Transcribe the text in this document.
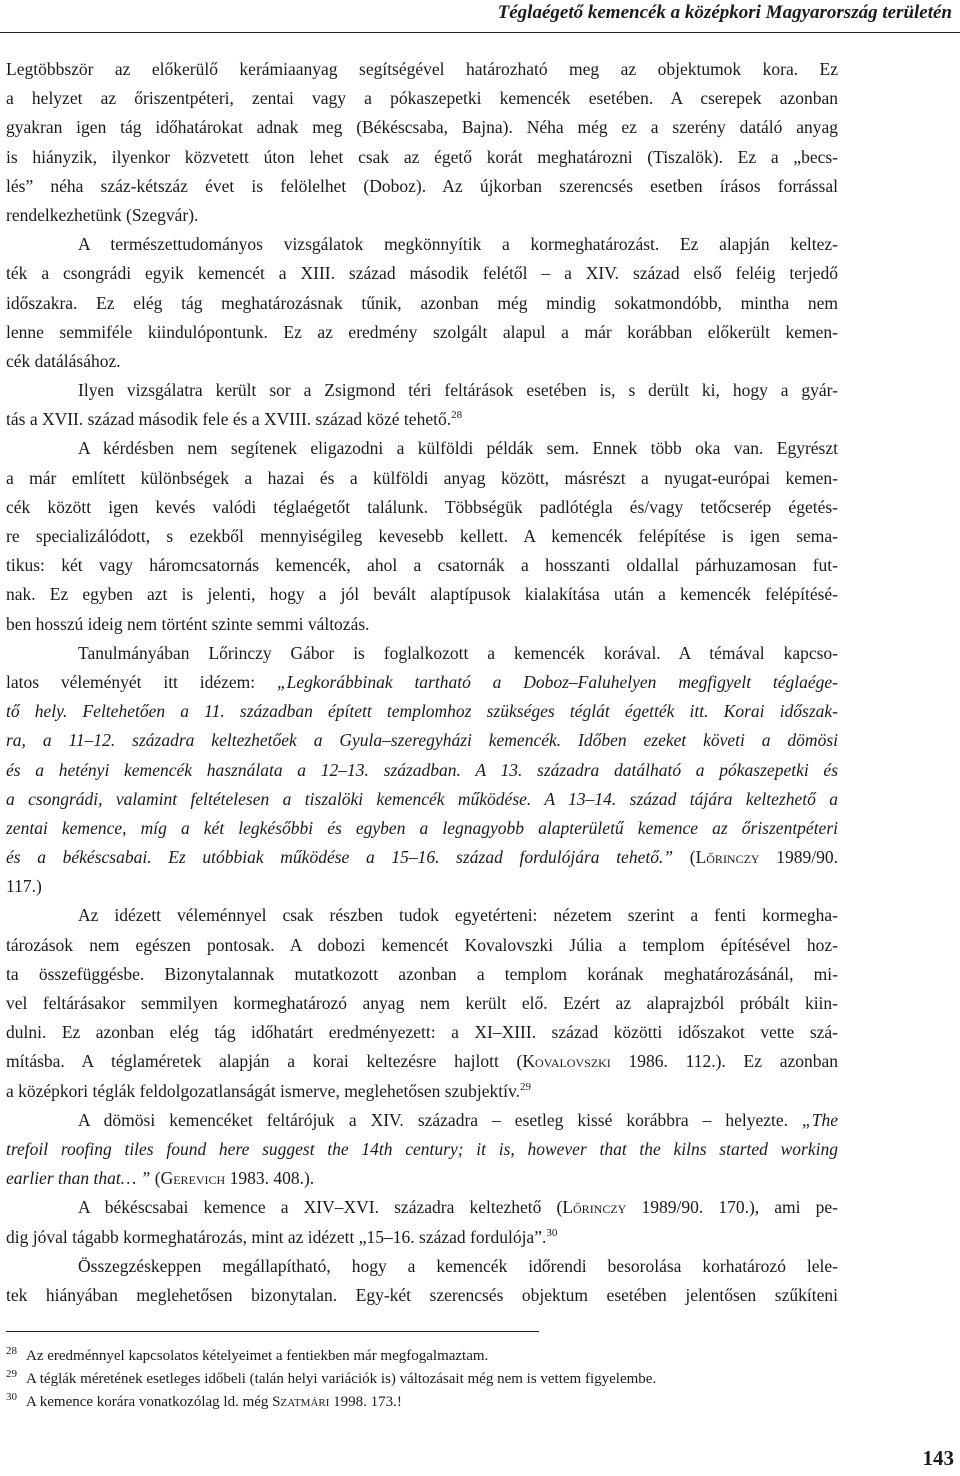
Téglaégető kemencék a középkori Magyarország területén
Legtöbbször az előkerülő kerámiaanyag segítségével határozható meg az objektumok kora. Ez
a helyzet az őriszentpéteri, zentai vagy a pókaszepetki kemencék esetében. A cserepek azonban
gyakran igen tág időhatárokat adnak meg (Békéscsaba, Bajna). Néha még ez a szerény datáló anyag
is hiányzik, ilyenkor közvetett úton lehet csak az égető korát meghatározni (Tiszalök). Ez a „becs-
lés” néha száz-kétszáz évet is felölelhet (Doboz). Az újkorban szerencsés esetben írásos forrással
rendelkezhetünk (Szegvár).
A természettudományos vizsgálatok megkönnyítik a kormeghatározást. Ez alapján keltez-
ték a csongrádi egyik kemencét a XIII. század második felétől – a XIV. század első feléig terjedő
időszakra. Ez elég tág meghatározásnak tűnik, azonban még mindig sokatmondóbb, mintha nem
lenne semmiféle kiindulópontunk. Ez az eredmény szolgált alapul a már korábban előkerült kemen-
cék datálásához.
Ilyen vizsgálatra került sor a Zsigmond téri feltárások esetében is, s derült ki, hogy a gyár-
tás a XVII. század második fele és a XVIII. század közé tehető.$^{28}$
A kérdésben nem segítenek eligazodni a külföldi példák sem. Ennek több oka van. Egyrészt
a már említett különbségek a hazai és a külföldi anyag között, másrészt a nyugat-európai kemen-
cék között igen kevés valódi téglaégetőt találunk. Többségük padlótégla és/vagy tetőcserép égetés-
re specializálódott, s ezekből mennyiségileg kevesebb kellett. A kemencék felépítése is igen sema-
tikus: két vagy háromcsatornás kemencék, ahol a csatornák a hosszanti oldallal párhuzamosan fut-
nak. Ez egyben azt is jelenti, hogy a jól bevált alaptípusok kialakítása után a kemencék felépítésé-
ben hosszú ideig nem történt szinte semmi változás.
Tanulmányában Lőrinczy Gábor is foglalkozott a kemencék korával. A témával kapcso-
latos véleményét itt idézem: „Legkorábbinak tartható a Doboz–Faluhelyen megfigyelt téglaége-
tő hely. Feltehetően a 11. században épített templomhoz szükséges téglát égették itt. Korai időszak-
ra, a 11–12. századra keltezhetőek a Gyula–szeregyházi kemencék. Időben ezeket követi a dömösi
és a hetényi kemencék használata a 12–13. században. A 13. századra datálható a pókaszepetki és
a csongrádi, valamint feltételesen a tiszalöki kemencék működése. A 13–14. század tájára keltezhető a
zentai kemence, míg a két legkésőbbi és egyben a legnagyobb alapterületű kemence az őriszentpéteri
és a békéscsabai. Ez utóbbiak működése a 15–16. század fordulójára tehető.” (Lőrinczy 1989/90.
117.)
Az idézett véleménnyel csak részben tudok egyetérteni: nézetem szerint a fenti kormegha-
tározások nem egészen pontosak. A dobozi kemencét Kovalovszki Júlia a templom építésével hoz-
ta összefüggésbe. Bizonytalannak mutatkozott azonban a templom korának meghatározásánál, mi-
vel feltárásakor semmilyen kormeghatározó anyag nem került elő. Ezért az alaprajzból próbált kiin-
dulni. Ez azonban elég tág időhatárt eredményezett: a XI–XIII. század közötti időszakot vette szá-
mításba. A téglaméretek alapján a korai keltezésre hajlott (Kovalovszki 1986. 112.). Ez azonban
a középkori téglák feldolgozatlanságát ismerve, meglehetősen szubjektív.$^{29}$
A dömösi kemencéket feltárójuk a XIV. századra – esetleg kissé korábbra – helyezte. „The
trefoil roofing tiles found here suggest the 14th century; it is, however that the kilns started working
earlier than that… ” (Gerevich 1983. 408.).
A békéscsabai kemence a XIV–XVI. századra keltezhető (Lőrinczy 1989/90. 170.), ami pe-
dig jóval tágabb kormeghatározás, mint az idézett „15–16. század fordulója”.$^{30}$
Összegzéskeppen megállapítható, hogy a kemencék időrendi besorolása korhatározó lele-
tek hiányában meglehetősen bizonytalan. Egy-két szerencsés objektum esetében jelentősen szűkíteni
28 Az eredménnyel kapcsolatos kételyeimet a fentiekben már megfogalmaztam.
29 A téglák méretének esetleges időbeli (talán helyi variációk is) változásait még nem is vettem figyelembe.
30 A kemence korára vonatkozólag ld. még Szatmári 1998. 173.!
143
